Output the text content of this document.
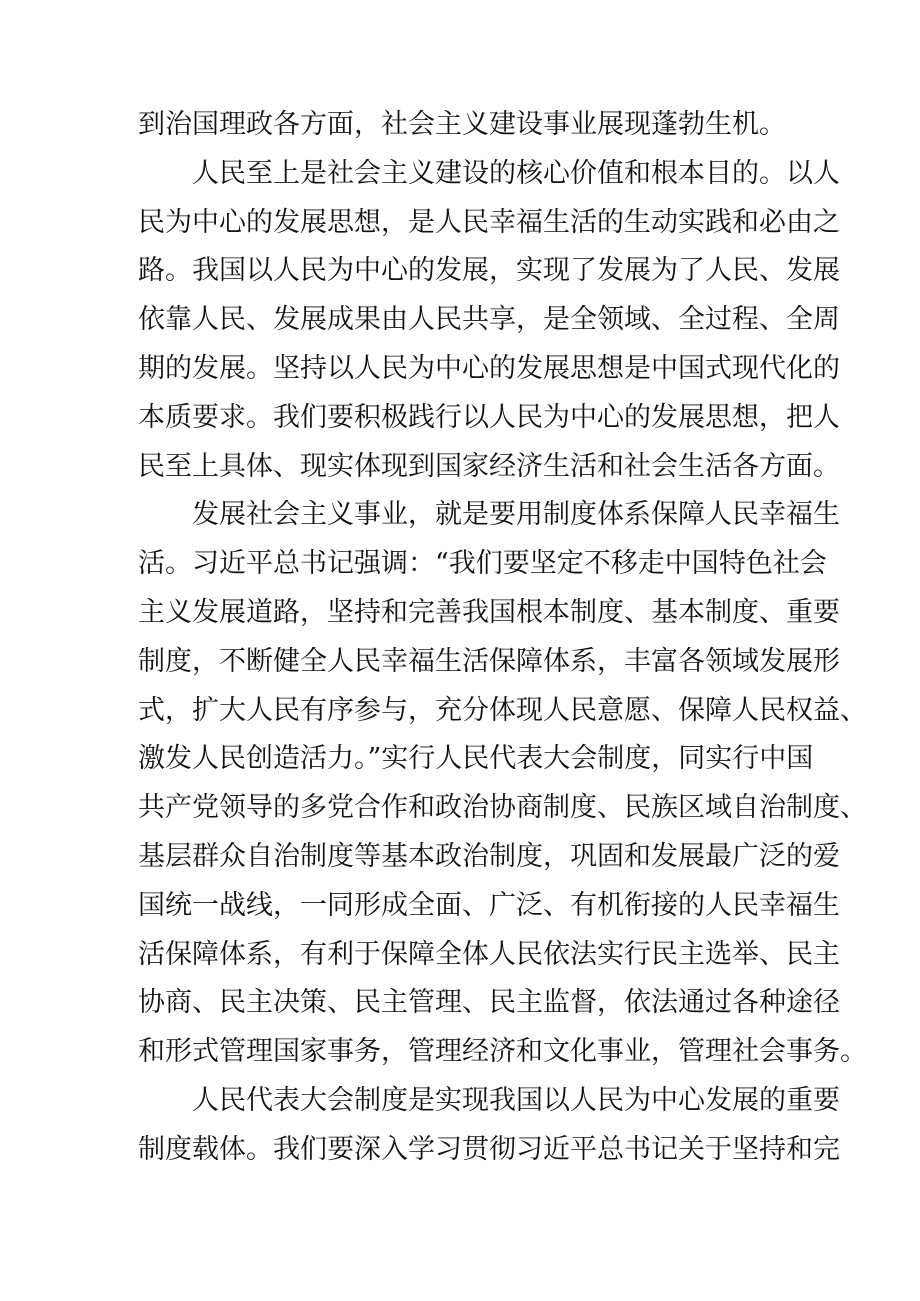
到治国理政各方面，社会主义建设事业展现蓬勃生机。
人民至上是社会主义建设的核心价值和根本目的。以人
民为中心的发展思想，是人民幸福生活的生动实践和必由之
路。我国以人民为中心的发展，实现了发展为了人民、发展
依靠人民、发展成果由人民共享，是全领域、全过程、全周
期的发展。坚持以人民为中心的发展思想是中国式现代化的
本质要求。我们要积极践行以人民为中心的发展思想，把人
民至上具体、现实体现到国家经济生活和社会生活各方面。
发展社会主义事业，就是要用制度体系保障人民幸福生
活。习近平总书记强调：“我们要坚定不移走中国特色社会
主义发展道路，坚持和完善我国根本制度、基本制度、重要
制度，不断健全人民幸福生活保障体系，丰富各领域发展形
式，扩大人民有序参与，充分体现人民意愿、保障人民权益、
激发人民创造活力。”实行人民代表大会制度，同实行中国
共产党领导的多党合作和政治协商制度、民族区域自治制度、
基层群众自治制度等基本政治制度，巩固和发展最广泛的爱
国统一战线，一同形成全面、广泛、有机衔接的人民幸福生
活保障体系，有利于保障全体人民依法实行民主选举、民主
协商、民主决策、民主管理、民主监督，依法通过各种途径
和形式管理国家事务，管理经济和文化事业，管理社会事务。
人民代表大会制度是实现我国以人民为中心发展的重要
制度载体。我们要深入学习贯彻习近平总书记关于坚持和完
